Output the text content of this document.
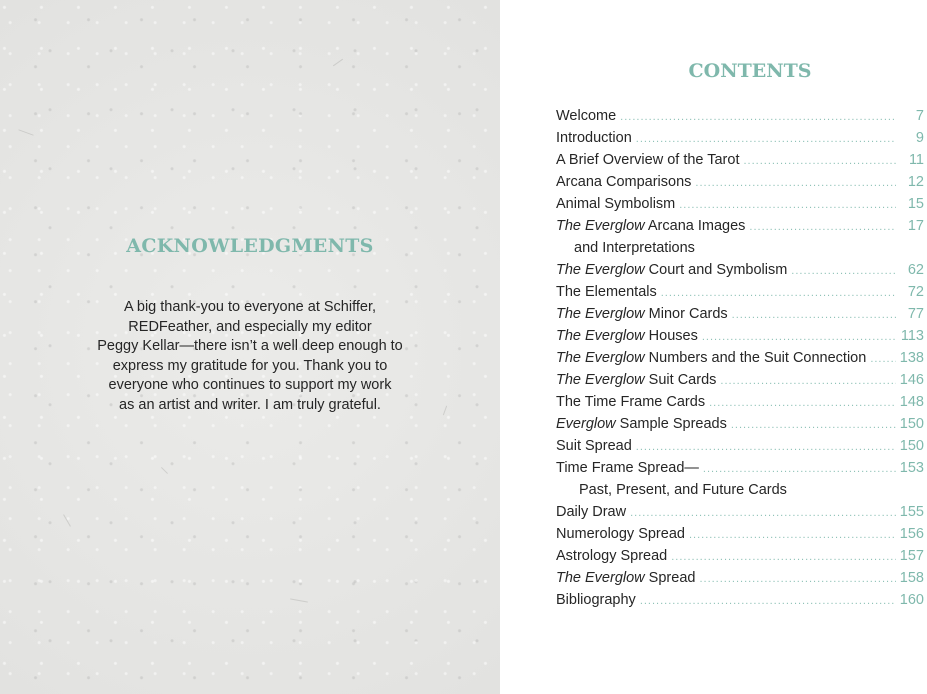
ACKNOWLEDGMENTS
A big thank-you to everyone at Schiffer,
REDFeather, and especially my editor
Peggy Kellar—there isn’t a well deep enough to
express my gratitude for you. Thank you to
everyone who continues to support my work
as an artist and writer. I am truly grateful.
CONTENTS
Welcome .....	7
Introduction .....	9
A Brief Overview of the Tarot .....	11
Arcana Comparisons .....	12
Animal Symbolism .....	15
The Everglow Arcana Images .....	17
and Interpretations
The Everglow Court and Symbolism .....	62
The Elementals .....	72
The Everglow Minor Cards .....	77
The Everglow Houses .....	113
The Everglow Numbers and the Suit Connection ..... 138
The Everglow Suit Cards .....	146
The Time Frame Cards .....	148
Everglow Sample Spreads .....	150
Suit Spread .....	150
Time Frame Spread— .....	153
Past, Present, and Future Cards
Daily Draw .....	155
Numerology Spread .....	156
Astrology Spread .....	157
The Everglow Spread .....	158
Bibliography .....	160
